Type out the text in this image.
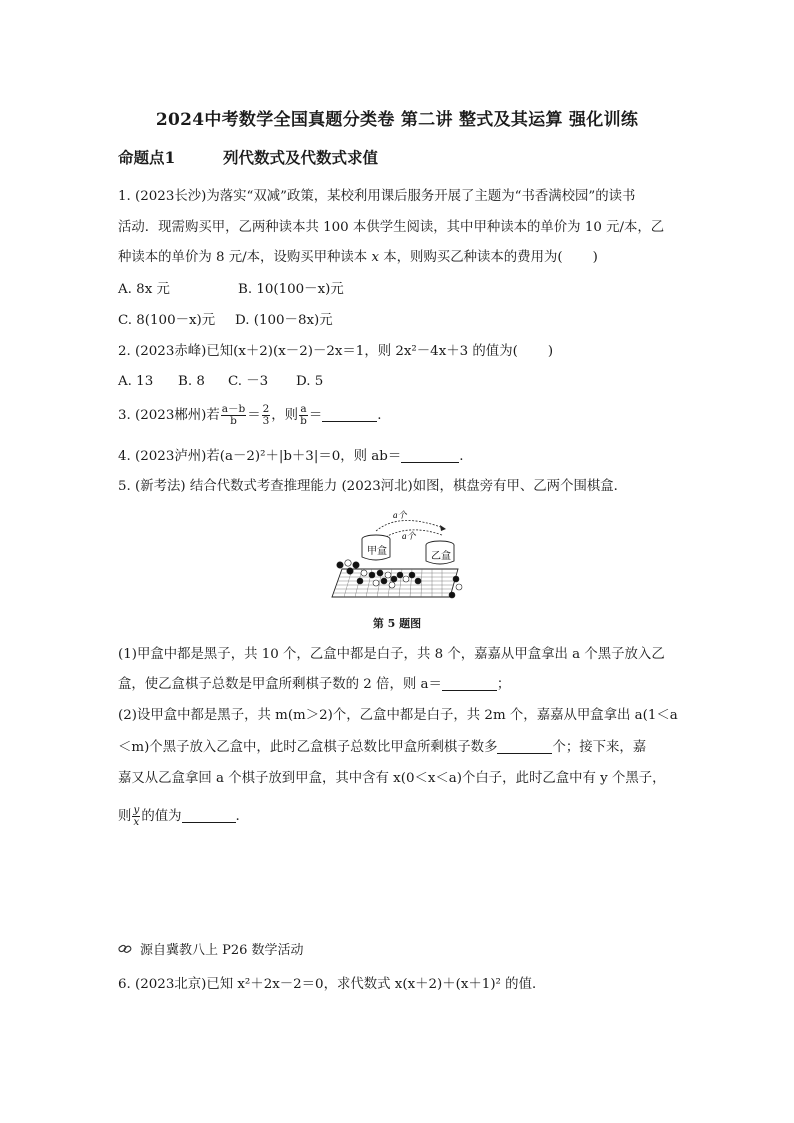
2024中考数学全国真题分类卷 第二讲 整式及其运算 强化训练
命题点1	列代数式及代数式求值
1. (2023长沙)为落实“双减”政策，某校利用课后服务开展了主题为“书香满校园”的读书
活动．现需购买甲，乙两种读本共 100 本供学生阅读，其中甲种读本的单价为 10 元/本，乙
种读本的单价为 8 元/本，设购买甲种读本 x 本，则购买乙种读本的费用为( )
A. 8x 元	B. 10(100－x)元
C. 8(100－x)元 D. (100－8x)元
2. (2023赤峰)已知(x＋2)(x－2)－2x＝1，则 2x²－4x＋3 的值为( )
A. 13 B. 8 C. －3 D. 5
3. (2023郴州)若 $\frac{a-b}{b} = \frac{2}{3}$ ，则 $\frac{a}{b}$ ＝	.
4. (2023泸州)若(a－2)²＋|b＋3|＝0，则 ab＝	.
5. (新考法) 结合代数式考查推理能力 (2023河北)如图，棋盘旁有甲、乙两个围棋盒．
a个
a个
甲盒	乙盒
第 5 题图
(1)甲盒中都是黑子，共 10 个，乙盒中都是白子，共 8 个，嘉嘉从甲盒拿出 a 个黑子放入乙
盒，使乙盒棋子总数是甲盒所剩棋子数的 2 倍，则 a＝	；
(2)设甲盒中都是黑子，共 m(m＞2)个，乙盒中都是白子，共 2m 个，嘉嘉从甲盒拿出 a(1＜a
＜m)个黑子放入乙盒中，此时乙盒棋子总数比甲盒所剩棋子数多	个；接下来，嘉
嘉又从乙盒拿回 a 个棋子放到甲盒，其中含有 x(0＜x＜a)个白子，此时乙盒中有 y 个黑子，
则 $\frac{y}{x}$ 的值为	.
源自冀教八上 P26 数学活动
6. (2023北京)已知 x²＋2x－2＝0，求代数式 x(x＋2)＋(x＋1)² 的值．
